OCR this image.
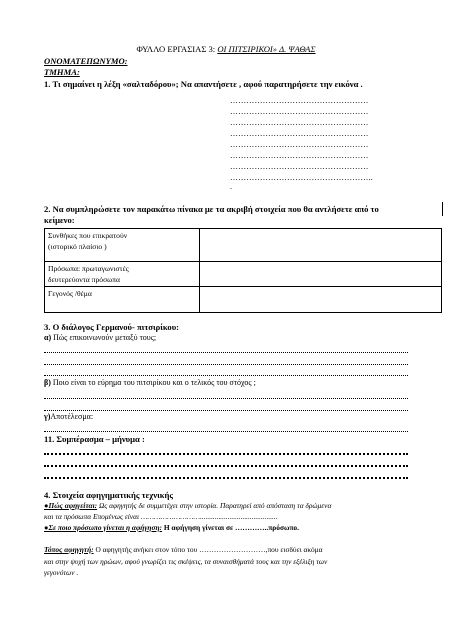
ΦΥΛΛΟ ΕΡΓΑΣΙΑΣ 3: ΟΙ ΠΙΤΣΙΡΙΚΟΙ» Δ. ΨΑΘΑΣ
ΟΝΟΜΑΤΕΠΩΝΥΜΟ:
ΤΜΗΜΑ:
1. Τι σημαίνει η λέξη «σαλταδόρου»; Να απαντήσετε , αφού παρατηρήσετε την εικόνα .
……………………………………………
……………………………………………
……………………………………………
……………………………………………
……………………………………………
……………………………………………
……………………………………………
……………………………………………..
.
2. Να συμπληρώσετε τον παρακάτω πίνακα με τα ακριβή στοιχεία που θα αντλήσετε από το
κείμενο:
Συνθήκες που επικρατούν
(ιστορικό πλαίσιο )	

Πρόσωπα: πρωταγωνιστές
δευτερεύοντα πρόσωπα	

Γεγονός /θέμα	

3. Ο διάλογος Γερμανού- πιτσιρίκου:
α) Πώς επικοινωνούν μεταξύ τους;
β) Ποιο είναι το εύρημα του πιτσιρίκου και ο τελικός του στόχος ;
γ)Αποτέλεσμα:
11. Συμπέρασμα – μήνυμα :
4. Στοιχεία αφηγηματικής τεχνικής
●Πώς αφηγείται: Ως αφηγητής δε συμμετέχει στην ιστορία. Παρατηρεί από απόσταση τα δρώμενα
και τα πρόσωπα Επομένως είναι ………………………..........................................
●Σε ποιο πρόσωπο γίνεται η αφήγηση: Η αφήγηση γίνεται σε …………..πρόσωπο.
Τόπος αφηγητή: Ο αφηγητής ανήκει στον τόπο του ………………………,που εισδύει ακόμα
και στην ψυχή των ηρώων, αφού γνωρίζει τις σκέψεις, τα συναισθήματά τους και την εξέλιξη των
γεγονότων .
